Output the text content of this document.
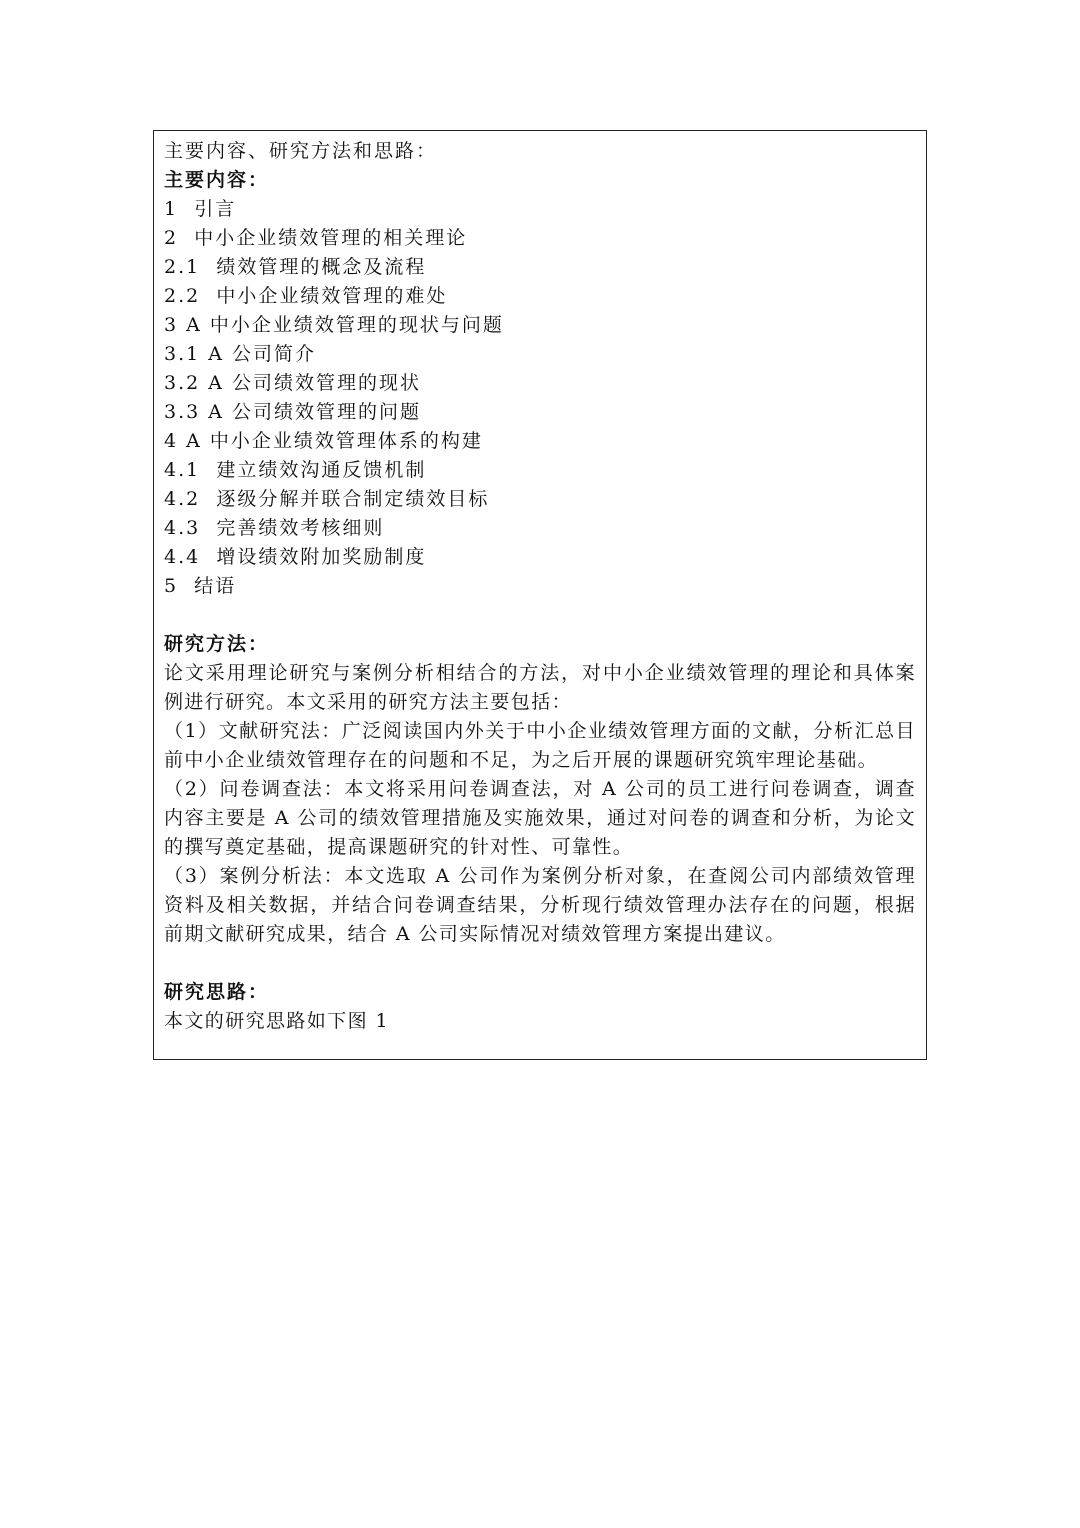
主要内容、研究方法和思路：
主要内容：
1 引言
2 中小企业绩效管理的相关理论
2.1 绩效管理的概念及流程
2.2 中小企业绩效管理的难处
3 A 中小企业绩效管理的现状与问题
3.1 A 公司简介
3.2 A 公司绩效管理的现状
3.3 A 公司绩效管理的问题
4 A 中小企业绩效管理体系的构建
4.1 建立绩效沟通反馈机制
4.2 逐级分解并联合制定绩效目标
4.3 完善绩效考核细则
4.4 增设绩效附加奖励制度
5 结语
研究方法：
论文采用理论研究与案例分析相结合的方法，对中小企业绩效管理的理论和具体案例进行研究。本文采用的研究方法主要包括：
（1）文献研究法：广泛阅读国内外关于中小企业绩效管理方面的文献，分析汇总目前中小企业绩效管理存在的问题和不足，为之后开展的课题研究筑牢理论基础。
（2）问卷调查法：本文将采用问卷调查法，对 A 公司的员工进行问卷调查，调查内容主要是 A 公司的绩效管理措施及实施效果，通过对问卷的调查和分析，为论文的撰写奠定基础，提高课题研究的针对性、可靠性。
（3）案例分析法：本文选取 A 公司作为案例分析对象，在查阅公司内部绩效管理资料及相关数据，并结合问卷调查结果，分析现行绩效管理办法存在的问题，根据前期文献研究成果，结合 A 公司实际情况对绩效管理方案提出建议。
研究思路：
本文的研究思路如下图 1
